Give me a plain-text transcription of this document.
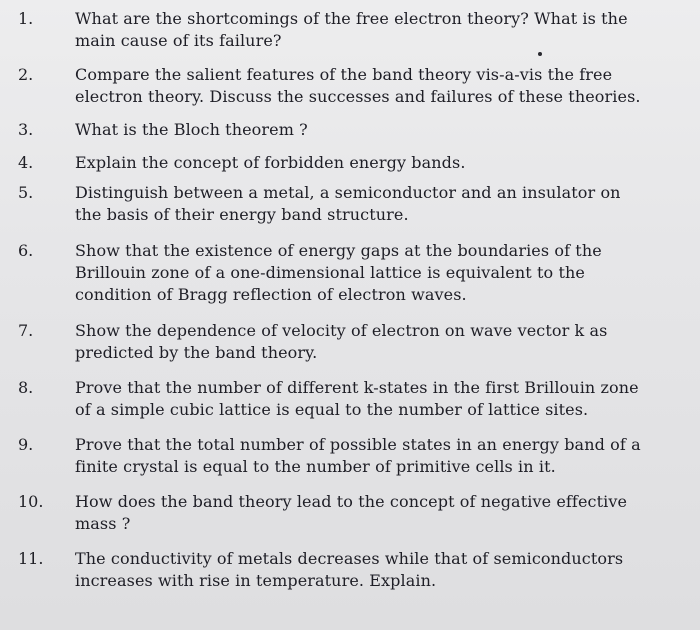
1.	What are the shortcomings of the free electron theory? What is the main cause of its failure?
2.	Compare the salient features of the band theory vis-a-vis the free electron theory. Discuss the successes and failures of these theories.
3.	What is the Bloch theorem ?
4.	Explain the concept of forbidden energy bands.
5.	Distinguish between a metal, a semiconductor and an insulator on the basis of their energy band structure.
6.	Show that the existence of energy gaps at the boundaries of the Brillouin zone of a one-dimensional lattice is equivalent to the condition of Bragg reflection of electron waves.
7.	Show the dependence of velocity of electron on wave vector k as predicted by the band theory.
8.	Prove that the number of different k-states in the first Brillouin zone of a simple cubic lattice is equal to the number of lattice sites.
9.	Prove that the total number of possible states in an energy band of a finite crystal is equal to the number of primitive cells in it.
10.	How does the band theory lead to the concept of negative effective mass ?
11.	The conductivity of metals decreases while that of semiconductors increases with rise in temperature. Explain.
